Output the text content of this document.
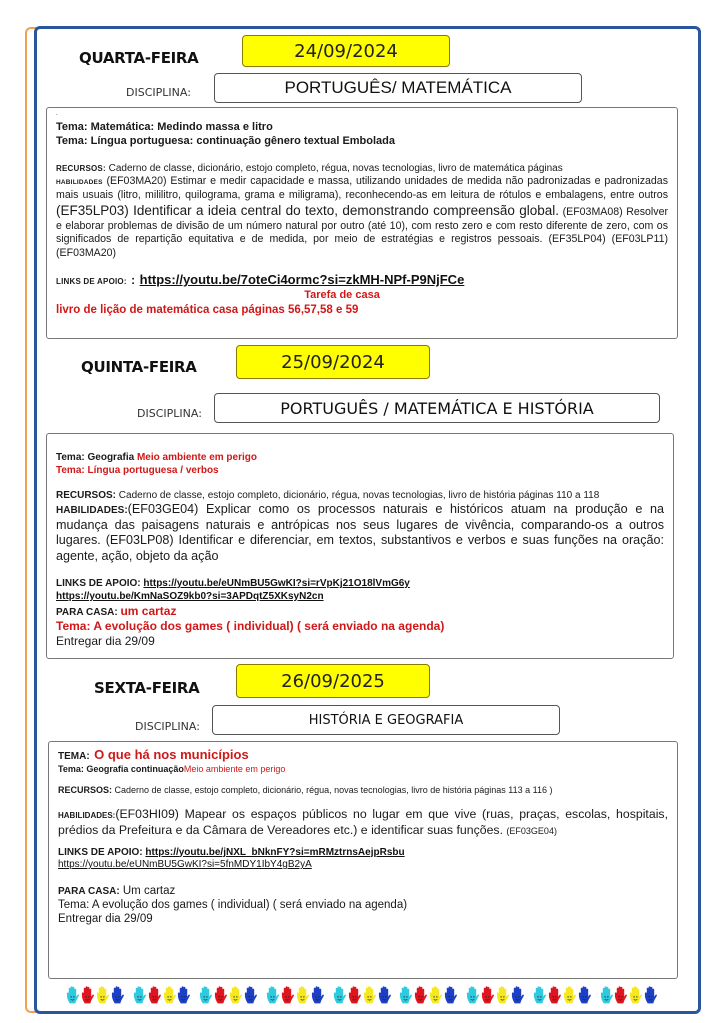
QUARTA-FEIRA	24/09/2024
DISCIPLINA:	PORTUGUÊS/ MATEMÁTICA
.
Tema: Matemática: Medindo massa e litro
Tema: Língua portuguesa: continuação gênero textual Embolada
RECURSOS: Caderno de classe, dicionário, estojo completo, régua, novas tecnologias, livro de matemática páginas
HABILIDADES (EF03MA20) Estimar e medir capacidade e massa, utilizando unidades de medida não padronizadas e padronizadas mais usuais (litro, mililitro, quilograma, grama e miligrama), reconhecendo-as em leitura de rótulos e embalagens, entre outros (EF35LP03) Identificar a ideia central do texto, demonstrando compreensão global. (EF03MA08) Resolver e elaborar problemas de divisão de um número natural por outro (até 10), com resto zero e com resto diferente de zero, com os significados de repartição equitativa e de medida, por meio de estratégias e registros pessoais. (EF35LP04) (EF03LP11) (EF03MA20)
LINKS DE APOIO: : https://youtu.be/7oteCi4ormc?si=zkMH-NPf-P9NjFCe
Tarefa de casa
livro de lição de matemática casa páginas 56,57,58 e 59
QUINTA-FEIRA	25/09/2024
DISCIPLINA:	PORTUGUÊS / MATEMÁTICA E HISTÓRIA
Tema: Geografia Meio ambiente em perigo
Tema: Língua portuguesa / verbos
RECURSOS: Caderno de classe, estojo completo, dicionário, régua, novas tecnologias, livro de história páginas 110 a 118
HABILIDADES:(EF03GE04) Explicar como os processos naturais e históricos atuam na produção e na mudança das paisagens naturais e antrópicas nos seus lugares de vivência, comparando-os a outros lugares. (EF03LP08) Identificar e diferenciar, em textos, substantivos e verbos e suas funções na oração: agente, ação, objeto da ação
LINKS DE APOIO: https://youtu.be/eUNmBU5GwKI?si=rVpKj21O18lVmG6y
https://youtu.be/KmNaSOZ9kb0?si=3APDqtZ5XKsyN2cn
PARA CASA: um cartaz
Tema: A evolução dos games ( individual) ( será enviado na agenda)
Entregar dia 29/09
SEXTA-FEIRA	26/09/2025
DISCIPLINA:	HISTÓRIA E GEOGRAFIA
TEMA: O que há nos municípios
Tema: Geografia continuaçãoMeio ambiente em perigo
RECURSOS: Caderno de classe, estojo completo, dicionário, régua, novas tecnologias, livro de história páginas 113 a 116 )
HABILIDADES:(EF03HI09) Mapear os espaços públicos no lugar em que vive (ruas, praças, escolas, hospitais, prédios da Prefeitura e da Câmara de Vereadores etc.) e identificar suas funções. (EF03GE04)
LINKS DE APOIO: https://youtu.be/jNXL_bNknFY?si=mRMztrnsAejpRsbu
https://youtu.be/eUNmBU5GwKI?si=5fnMDY1IbY4gB2yA
PARA CASA: Um cartaz
Tema: A evolução dos games ( individual) ( será enviado na agenda)
Entregar dia 29/09
